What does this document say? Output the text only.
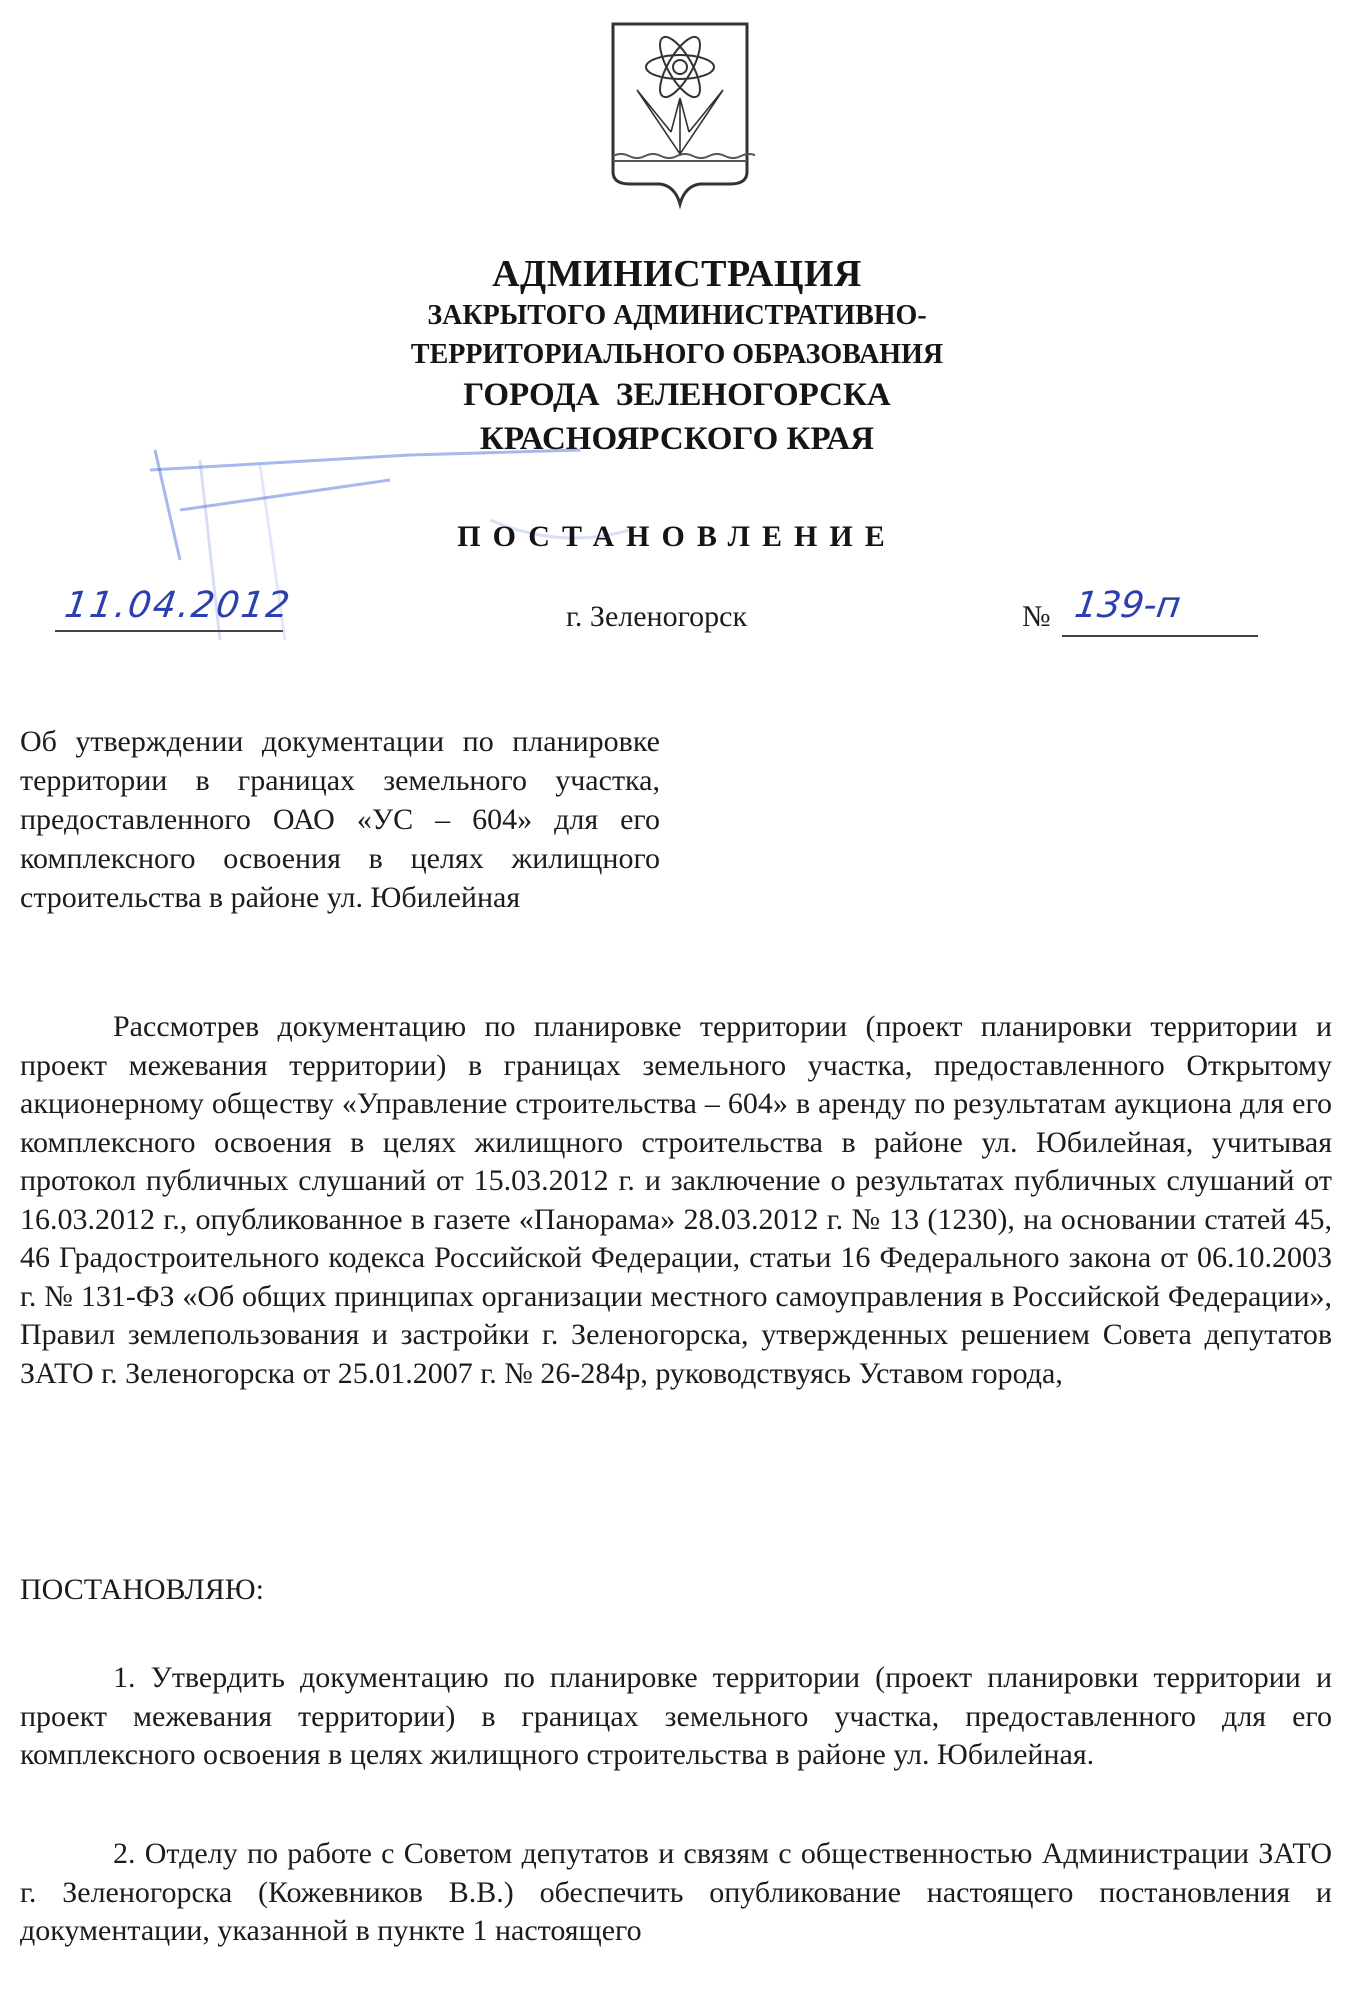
АДМИНИСТРАЦИЯ
ЗАКРЫТОГО АДМИНИСТРАТИВНО-
ТЕРРИТОРИАЛЬНОГО ОБРАЗОВАНИЯ
ГОРОДА ЗЕЛЕНОГОРСКА
КРАСНОЯРСКОГО КРАЯ
ПОСТАНОВЛЕНИЕ
11.04.2012	г. Зеленогорск	№ 139-п
Об утверждении документации по планировке территории в границах земельного участка, предоставленного ОАО «УС – 604» для его комплексного освоения в целях жилищного строительства в районе ул. Юбилейная
Рассмотрев документацию по планировке территории (проект планировки территории и проект межевания территории) в границах земельного участка, предоставленного Открытому акционерному обществу «Управление строительства – 604» в аренду по результатам аукциона для его комплексного освоения в целях жилищного строительства в районе ул. Юбилейная, учитывая протокол публичных слушаний от 15.03.2012 г. и заключение о результатах публичных слушаний от 16.03.2012 г., опубликованное в газете «Панорама» 28.03.2012 г. № 13 (1230), на основании статей 45, 46 Градостроительного кодекса Российской Федерации, статьи 16 Федерального закона от 06.10.2003 г. № 131-ФЗ «Об общих принципах организации местного самоуправления в Российской Федерации», Правил землепользования и застройки г. Зеленогорска, утвержденных решением Совета депутатов ЗАТО г. Зеленогорска от 25.01.2007 г. № 26-284р, руководствуясь Уставом города,
ПОСТАНОВЛЯЮ:
1. Утвердить документацию по планировке территории (проект планировки территории и проект межевания территории) в границах земельного участка, предоставленного для его комплексного освоения в целях жилищного строительства в районе ул. Юбилейная.
2. Отделу по работе с Советом депутатов и связям с общественностью Администрации ЗАТО г. Зеленогорска (Кожевников В.В.) обеспечить опубликование настоящего постановления и документации, указанной в пункте 1 настоящего
